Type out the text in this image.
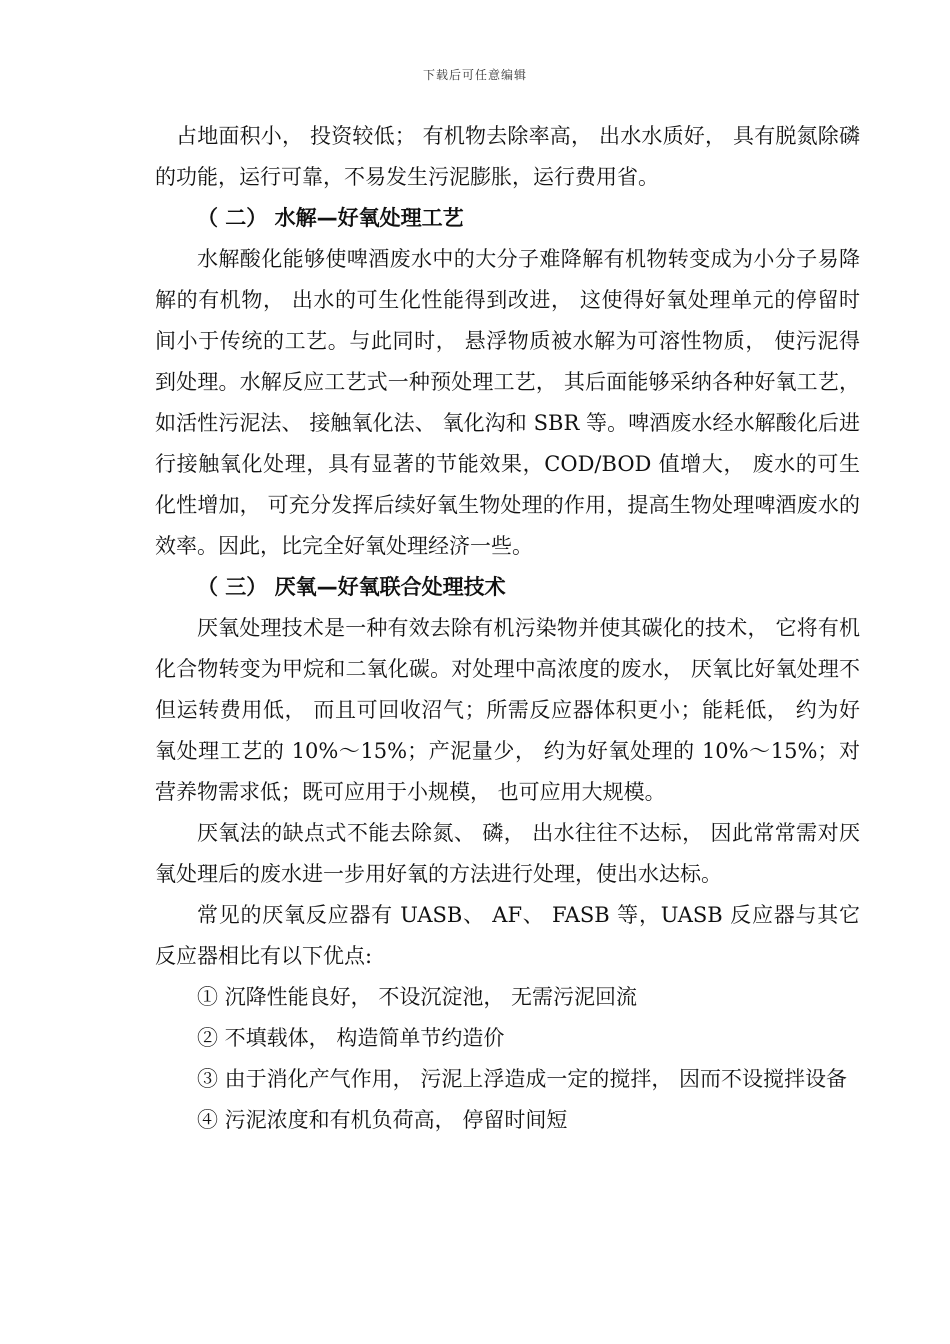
下载后可任意编辑

占地面积小， 投资较低； 有机物去除率高， 出水水质好， 具有脱氮除磷的功能，运行可靠，不易发生污泥膨胀，运行费用省。

（ 二） 水解—好氧处理工艺

水解酸化能够使啤酒废水中的大分子难降解有机物转变成为小分子易降解的有机物， 出水的可生化性能得到改进， 这使得好氧处理单元的停留时间小于传统的工艺。与此同时， 悬浮物质被水解为可溶性物质， 使污泥得到处理。水解反应工艺式一种预处理工艺， 其后面能够采纳各种好氧工艺， 如活性污泥法、 接触氧化法、 氧化沟和 SBR 等。啤酒废水经水解酸化后进行接触氧化处理，具有显著的节能效果，COD/BOD 值增大， 废水的可生化性增加， 可充分发挥后续好氧生物处理的作用，提高生物处理啤酒废水的效率。因此，比完全好氧处理经济一些。

（ 三） 厌氧—好氧联合处理技术

厌氧处理技术是一种有效去除有机污染物并使其碳化的技术， 它将有机化合物转变为甲烷和二氧化碳。对处理中高浓度的废水， 厌氧比好氧处理不但运转费用低， 而且可回收沼气；所需反应器体积更小；能耗低， 约为好氧处理工艺的 10%～15%；产泥量少， 约为好氧处理的 10%～15%；对营养物需求低；既可应用于小规模， 也可应用大规模。

厌氧法的缺点式不能去除氮、 磷， 出水往往不达标， 因此常常需对厌氧处理后的废水进一步用好氧的方法进行处理，使出水达标。

常见的厌氧反应器有 UASB、 AF、 FASB 等，UASB 反应器与其它反应器相比有以下优点:

① 沉降性能良好， 不设沉淀池， 无需污泥回流

② 不填载体， 构造简单节约造价

③ 由于消化产气作用， 污泥上浮造成一定的搅拌， 因而不设搅拌设备

④ 污泥浓度和有机负荷高， 停留时间短
